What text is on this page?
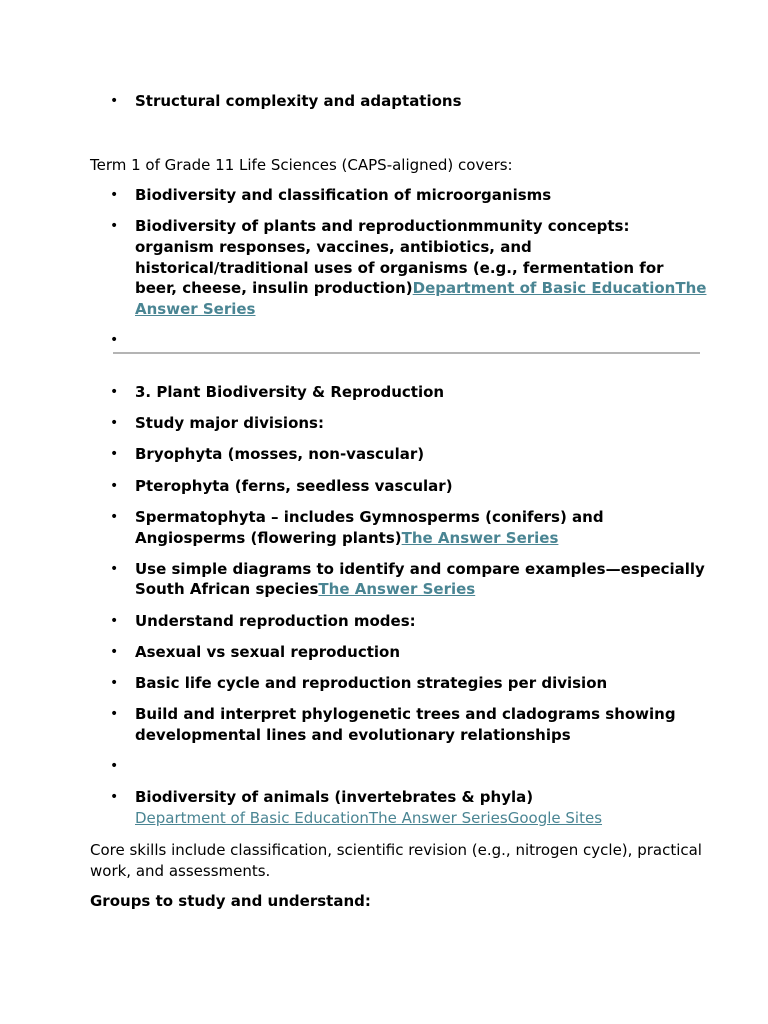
• Structural complexity and adaptations

Term 1 of Grade 11 Life Sciences (CAPS-aligned) covers:

• Biodiversity and classification of microorganisms
• Biodiversity of plants and reproductionmmunity concepts: organism responses, vaccines, antibiotics, and historical/traditional uses of organisms (e.g., fermentation for beer, cheese, insulin production)Department of Basic EducationThe Answer Series
•
• 3. Plant Biodiversity & Reproduction
• Study major divisions:
• Bryophyta (mosses, non-vascular)
• Pterophyta (ferns, seedless vascular)
• Spermatophyta – includes Gymnosperms (conifers) and Angiosperms (flowering plants)The Answer Series
• Use simple diagrams to identify and compare examples—especially South African speciesThe Answer Series
• Understand reproduction modes:
• Asexual vs sexual reproduction
• Basic life cycle and reproduction strategies per division
• Build and interpret phylogenetic trees and cladograms showing developmental lines and evolutionary relationships
•
• Biodiversity of animals (invertebrates & phyla)
Department of Basic EducationThe Answer SeriesGoogle Sites

Core skills include classification, scientific revision (e.g., nitrogen cycle), practical work, and assessments.

Groups to study and understand:
